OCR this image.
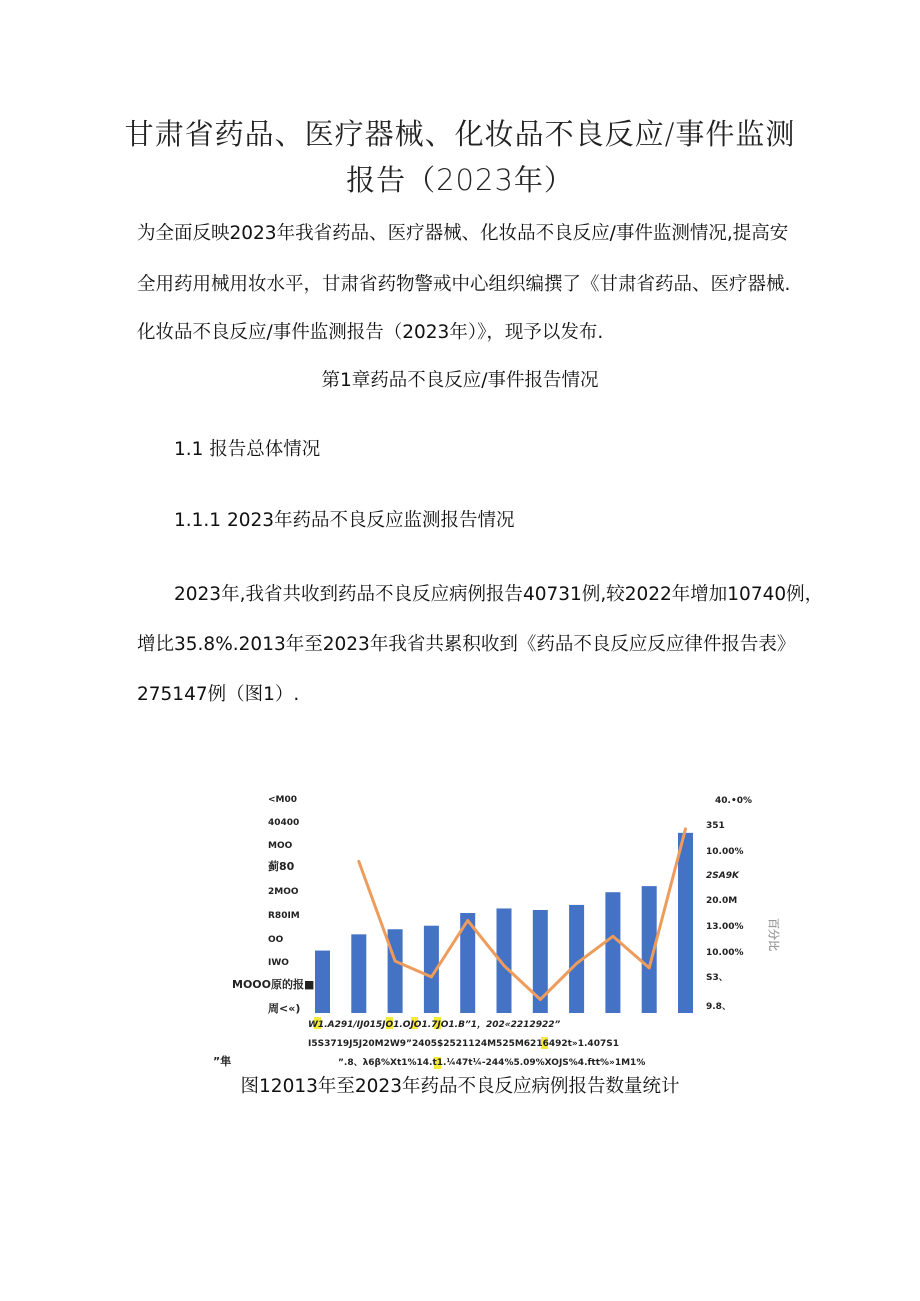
甘肃省药品、医疗器械、化妆品不良反应/事件监测
报告（2023年）
为全面反映2023年我省药品、医疗器械、化妆品不良反应/事件监测情况,提高安
全用药用械用妆水平，甘肃省药物警戒中心组织编撰了《甘肃省药品、医疗器械.
化妆品不良反应/事件监测报告（2023年）》，现予以发布.
第1章药品不良反应/事件报告情况
1.1 报告总体情况
1.1.1 2023年药品不良反应监测报告情况
2023年,我省共收到药品不良反应病例报告40731例,较2022年增加10740例，
增比35.8%.2013年至2023年我省共累积收到《药品不良反应反应律件报告表》
275147例（图1）.
<M00
40400
MOO
蓟80
2MOO
R80IM
OO
IWO
MOOO原的报■
周<«)
40.•0%
351
10.00%
2SA9K
20.0M
13.00%
10.00%
S3、
9.8、
百分比
W1.A291/IJ015JO1.OJO1.7JO1.B”1，202«2212922”
I5S3719J5J20M2W9”2405$2521124M525M6216492t»1.407S1
”.8、λ6β%Xt1%14.t1.¼47t¼-244%5.09%XOJS%4.ftt%»1M1%
”隼
图12013年至2023年药品不良反应病例报告数量统计
